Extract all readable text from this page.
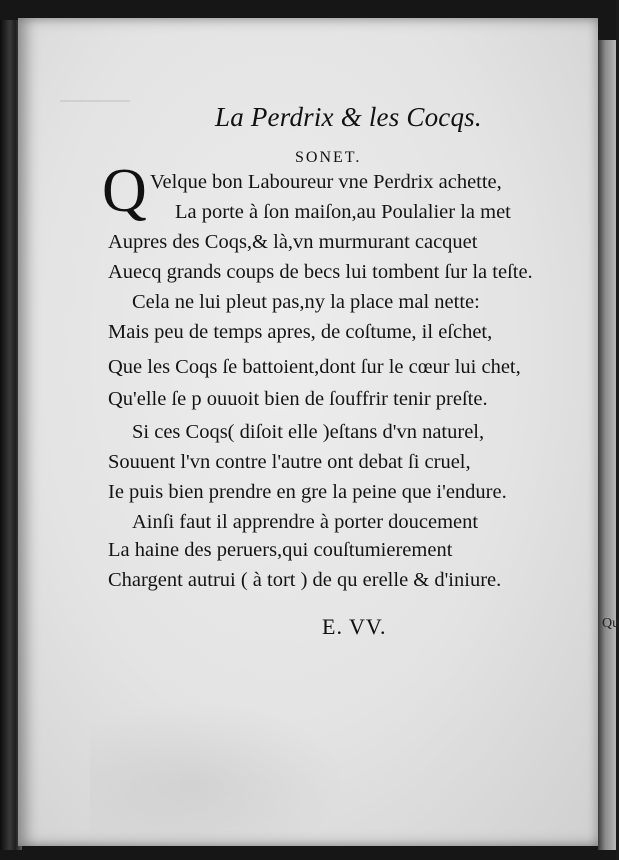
Qu
La Perdrix & les Cocqs.
SONET.
Q Velque bon Laboureur vne Perdrix achette,
La porte à ſon maiſon,au Poulalier la met
Aupres des Coqs,& là,vn murmurant cacquet
Auecq grands coups de becs lui tombent ſur la teſte.
Cela ne lui pleut pas,ny la place mal nette:
Mais peu de temps apres, de coſtume, il eſchet,
Que les Coqs ſe battoient,dont ſur le cœur lui chet,
Qu'elle ſe p ouuoit bien de ſouffrir tenir preſte.
Si ces Coqs( diſoit elle )eſtans d'vn naturel,
Souuent l'vn contre l'autre ont debat ſi cruel,
Ie puis bien prendre en gre la peine que i'endure.
Ainſi faut il apprendre à porter doucement
La haine des peruers,qui couſtumierement
Chargent autrui ( à tort ) de qu erelle & d'iniure.
E. VV.
